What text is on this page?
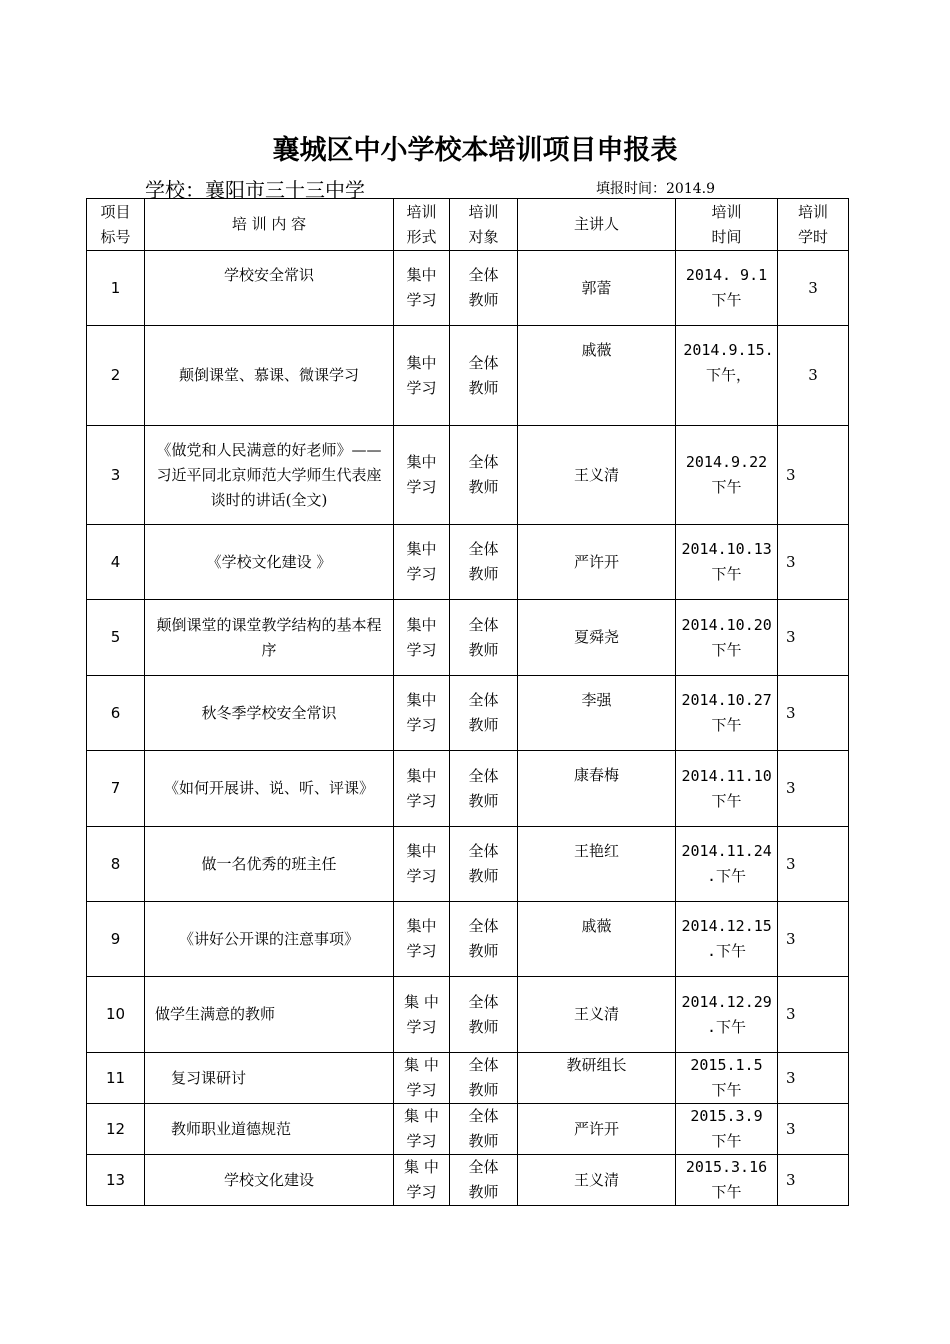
襄城区中小学校本培训项目申报表
学校：襄阳市三十三中学	填报时间：2014.9
项目标号	培 训 内 容	培训形式	培训对象	主讲人	培训时间	培训学时

1	学校安全常识	集中学习	全体教师	郭蕾	2014. 9.1 下午	3
2	颠倒课堂、慕课、微课学习	集中学习	全体教师	戚薇	2014.9.15. 下午，	3
3	《做党和人民满意的好老师》——习近平同北京师范大学师生代表座谈时的讲话(全文)	集中学习	全体教师	王义清	2014.9.22 下午	3
4	《学校文化建设 》	集中学习	全体教师	严许开	2014.10.13 下午	3
5	颠倒课堂的课堂教学结构的基本程序	集中学习	全体教师	夏舜尧	2014.10.20 下午	3
6	秋冬季学校安全常识	集中学习	全体教师	李强	2014.10.27 下午	3
7	《如何开展讲、说、听、评课》	集中学习	全体教师	康春梅	2014.11.10 下午	3
8	做一名优秀的班主任	集中学习	全体教师	王艳红	2014.11.24 .下午	3
9	《讲好公开课的注意事项》	集中学习	全体教师	戚薇	2014.12.15 .下午	3
10	做学生满意的教师	集 中学习	全体教师	王义清	2014.12.29 .下午	3
11	复习课研讨	集 中学习	全体教师	教研组长	2015.1.5 下午	3
12	教师职业道德规范	集 中学习	全体教师	严许开	2015.3.9 下午	3
13	学校文化建设	集 中学习	全体教师	王义清	2015.3.16 下午	3
